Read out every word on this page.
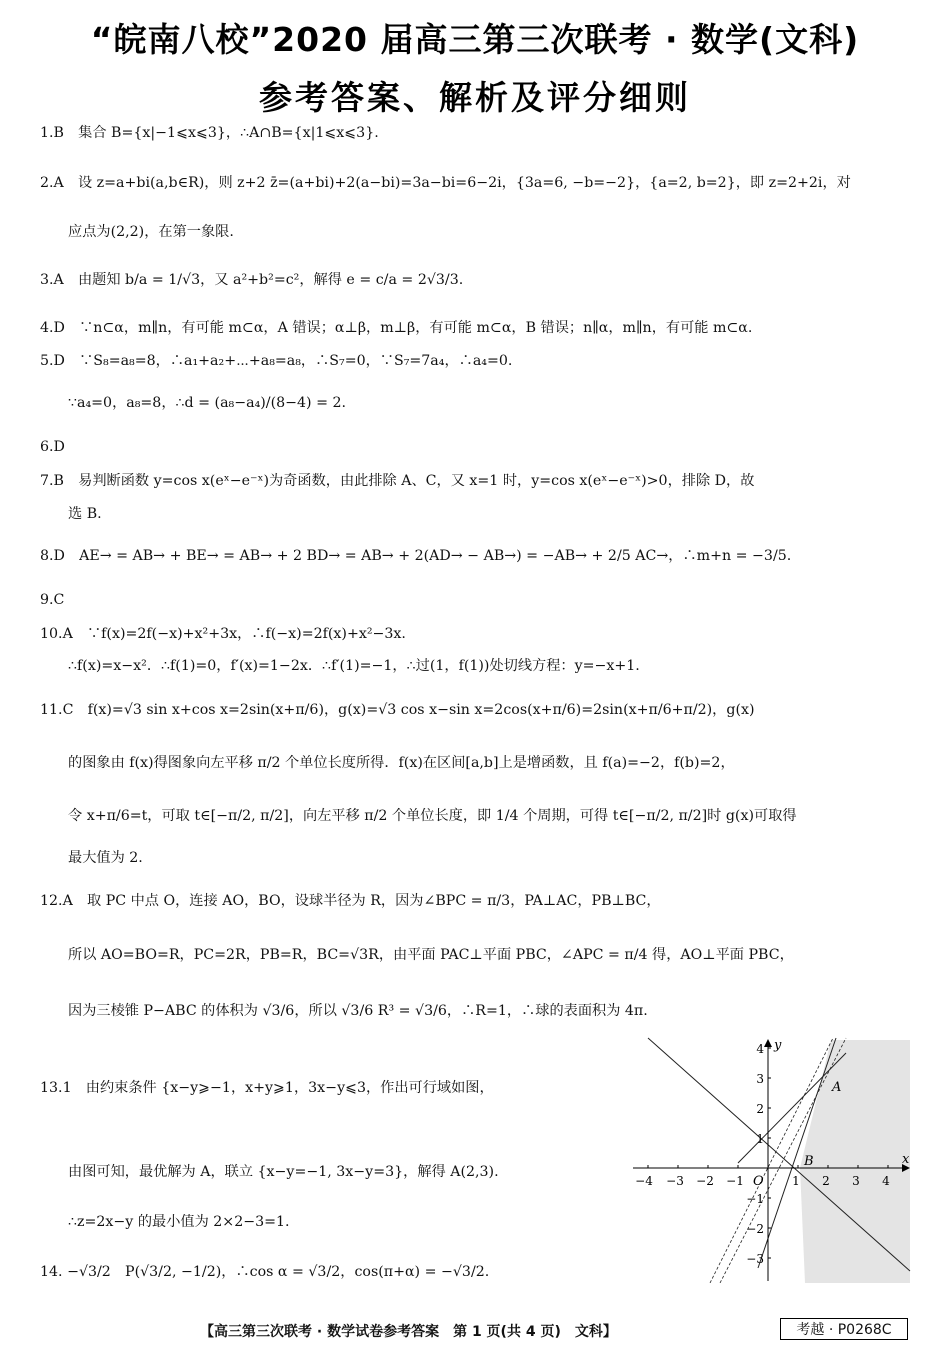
“皖南八校”2020 届高三第三次联考 · 数学(文科)
参考答案、解析及评分细则
1.B　集合 B={x|−1⩽x⩽3}，∴A∩B={x|1⩽x⩽3}.
2.A　设 z=a+bi(a,b∈R)，则 z+2 z̄=(a+bi)+2(a−bi)=3a−bi=6−2i，{3a=6, −b=−2}，{a=2, b=2}，即 z=2+2i，对
应点为(2,2)，在第一象限.
3.A　由题知 b/a = 1/√3，又 a²+b²=c²，解得 e = c/a = 2√3/3.
4.D　∵n⊂α，m∥n，有可能 m⊂α，A 错误；α⊥β，m⊥β，有可能 m⊂α，B 错误；n∥α，m∥n，有可能 m⊂α.
5.D　∵S₈=a₈=8，∴a₁+a₂+⋯+a₈=a₈，∴S₇=0，∵S₇=7a₄，∴a₄=0.
∵a₄=0，a₈=8，∴d = (a₈−a₄)/(8−4) = 2.
6.D
7.B　易判断函数 y=cos x(eˣ−e⁻ˣ)为奇函数，由此排除 A、C，又 x=1 时，y=cos x(eˣ−e⁻ˣ)>0，排除 D，故
选 B.
8.D　AE→ = AB→ + BE→ = AB→ + 2 BD→ = AB→ + 2(AD→ − AB→) = −AB→ + 2/5 AC→，∴m+n = −3/5.
9.C
10.A　∵f(x)=2f(−x)+x²+3x，∴f(−x)=2f(x)+x²−3x.
∴f(x)=x−x²．∴f(1)=0，f′(x)=1−2x．∴f′(1)=−1，∴过(1，f(1))处切线方程：y=−x+1.
11.C　f(x)=√3 sin x+cos x=2sin(x+π/6)，g(x)=√3 cos x−sin x=2cos(x+π/6)=2sin(x+π/6+π/2)，g(x)
的图象由 f(x)得图象向左平移 π/2 个单位长度所得．f(x)在区间[a,b]上是增函数，且 f(a)=−2，f(b)=2，
令 x+π/6=t，可取 t∈[−π/2, π/2]，向左平移 π/2 个单位长度，即 1/4 个周期，可得 t∈[−π/2, π/2]时 g(x)可取得
最大值为 2.
12.A　取 PC 中点 O，连接 AO，BO，设球半径为 R，因为∠BPC = π/3，PA⊥AC，PB⊥BC，
所以 AO=BO=R，PC=2R，PB=R，BC=√3R，由平面 PAC⊥平面 PBC，∠APC = π/4 得，AO⊥平面 PBC，
因为三棱锥 P−ABC 的体积为 √3/6，所以 √3/6 R³ = √3/6，∴R=1，∴球的表面积为 4π.
13.1　由约束条件 {x−y⩾−1，x+y⩾1，3x−y⩽3，作出可行域如图，
由图可知，最优解为 A，联立 {x−y=−1, 3x−y=3}，解得 A(2,3).
∴z=2x−y 的最小值为 2×2−3=1.
14. −√3/2　P(√3/2, −1/2)，∴cos α = √3/2，cos(π+α) = −√3/2.
−4 −3 −2 −1	1 2 3 4
4
3
2
1
−1
−2
−3
x
y
O
A
B
【高三第三次联考 · 数学试卷参考答案　第 1 页(共 4 页)　文科】	考越 · P0268C
